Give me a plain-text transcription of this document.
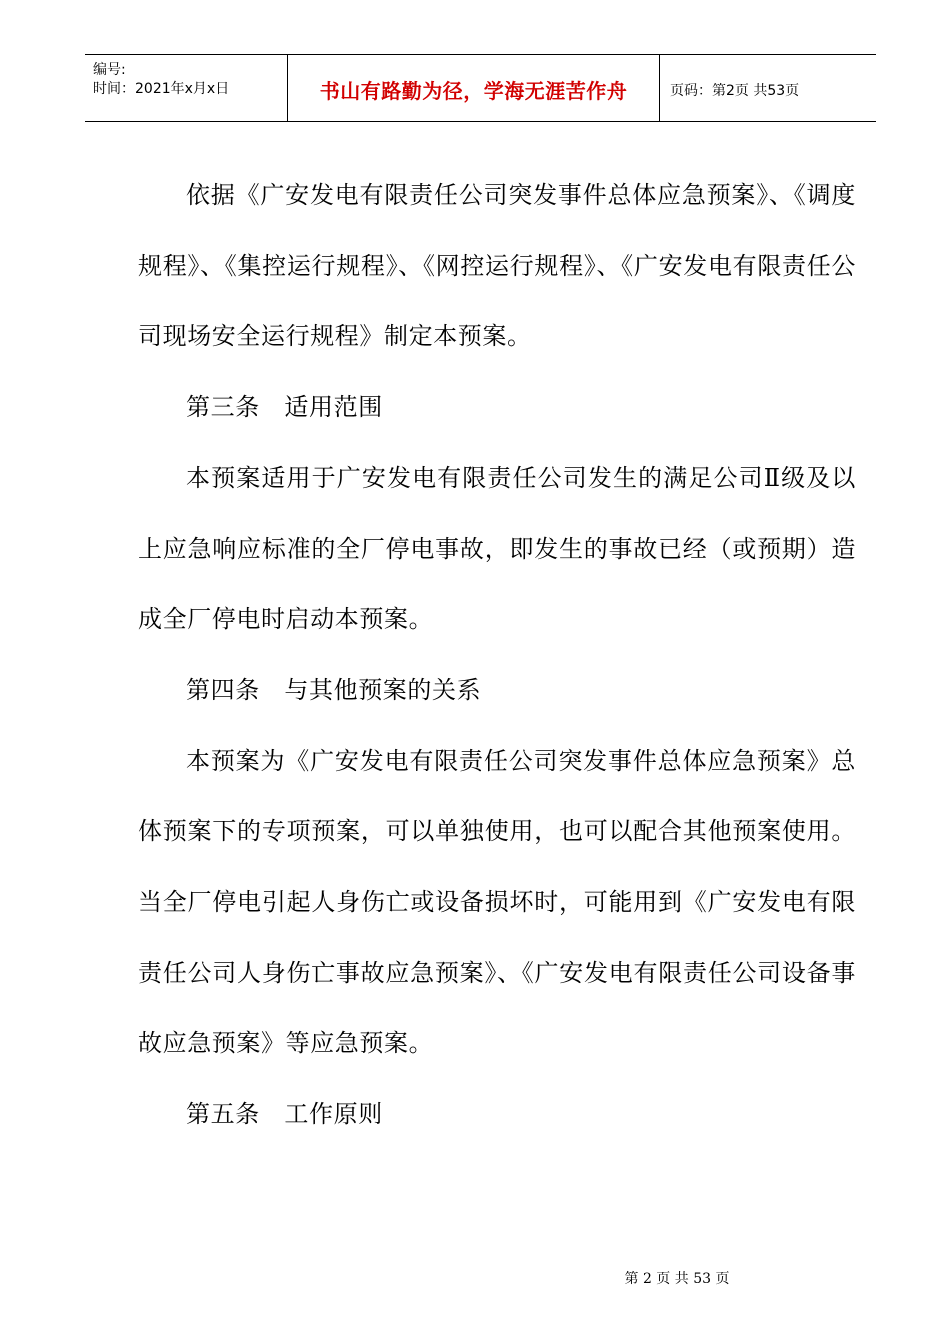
编号:
时间：2021年x月x日	书山有路勤为径，学海无涯苦作舟	页码：第2页 共53页

依据《广安发电有限责任公司突发事件总体应急预案》、《调度规程》、《集控运行规程》、《网控运行规程》、《广安发电有限责任公司现场安全运行规程》制定本预案。

第三条　适用范围

本预案适用于广安发电有限责任公司发生的满足公司Ⅱ级及以上应急响应标准的全厂停电事故，即发生的事故已经（或预期）造成全厂停电时启动本预案。

第四条　与其他预案的关系

本预案为《广安发电有限责任公司突发事件总体应急预案》总体预案下的专项预案，可以单独使用，也可以配合其他预案使用。当全厂停电引起人身伤亡或设备损坏时，可能用到《广安发电有限责任公司人身伤亡事故应急预案》、《广安发电有限责任公司设备事故应急预案》等应急预案。

第五条　工作原则

第 2 页 共 53 页
